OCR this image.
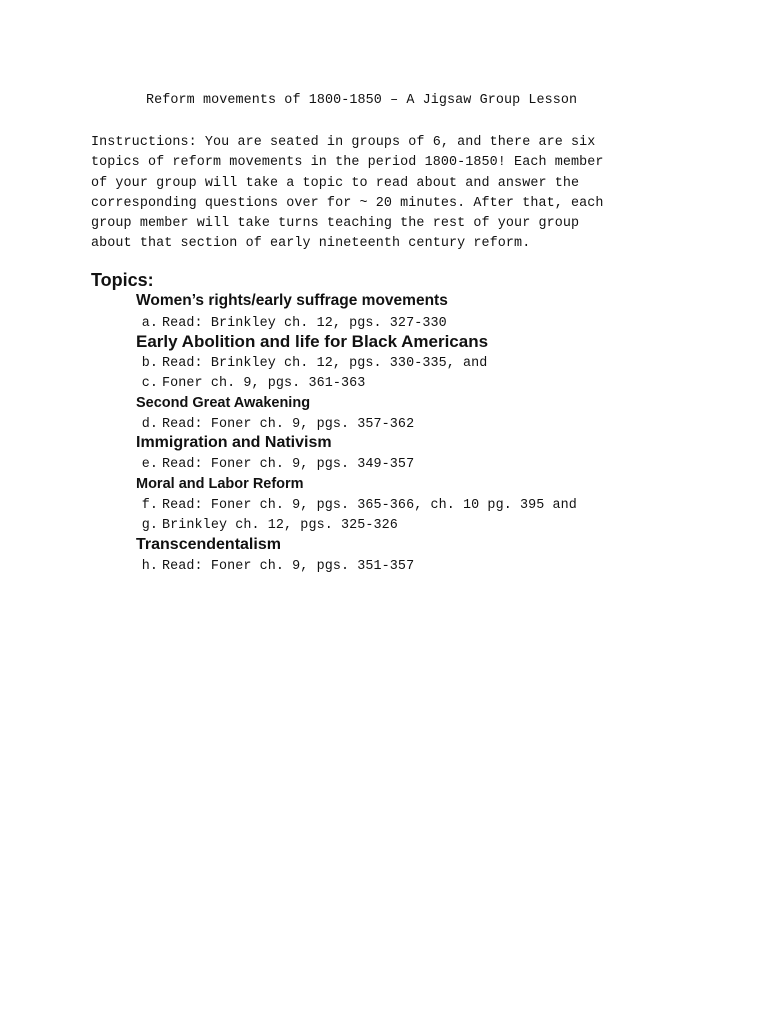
Reform movements of 1800-1850 – A Jigsaw Group Lesson
Instructions: You are seated in groups of 6, and there are six
topics of reform movements in the period 1800-1850! Each member
of your group will take a topic to read about and answer the
corresponding questions over for ~ 20 minutes. After that, each
group member will take turns teaching the rest of your group
about that section of early nineteenth century reform.
Topics:
Women’s rights/early suffrage movements
a. Read: Brinkley ch. 12, pgs. 327-330
Early Abolition and life for Black Americans
b. Read: Brinkley ch. 12, pgs. 330-335, and
c. Foner ch. 9, pgs. 361-363
Second Great Awakening
d. Read: Foner ch. 9, pgs. 357-362
Immigration and Nativism
e. Read: Foner ch. 9, pgs. 349-357
Moral and Labor Reform
f. Read: Foner ch. 9, pgs. 365-366, ch. 10 pg. 395 and
g. Brinkley ch. 12, pgs. 325-326
Transcendentalism
h. Read: Foner ch. 9, pgs. 351-357
